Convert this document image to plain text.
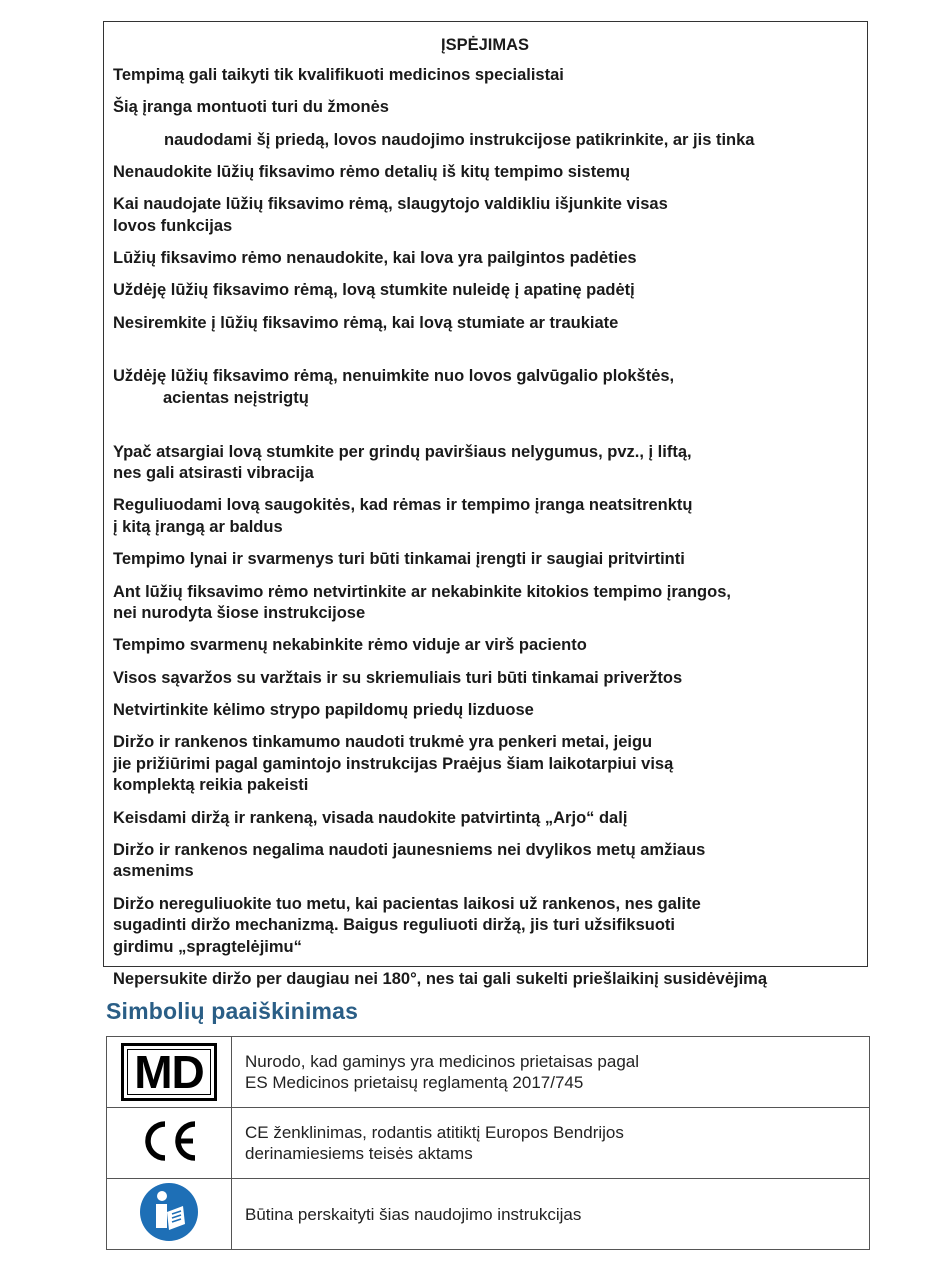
ĮSPĖJIMAS
Tempimą gali taikyti tik kvalifikuoti medicinos specialistai
Šią įranga montuoti turi du žmonės
naudodami šį priedą, lovos naudojimo instrukcijose patikrinkite, ar jis tinka
Nenaudokite lūžių fiksavimo rėmo detalių iš kitų tempimo sistemų
Kai naudojate lūžių fiksavimo rėmą, slaugytojo valdikliu išjunkite visas
lovos funkcijas
Lūžių fiksavimo rėmo nenaudokite, kai lova yra pailgintos padėties
Uždėję lūžių fiksavimo rėmą, lovą stumkite nuleidę į apatinę padėtį
Nesiremkite į lūžių fiksavimo rėmą, kai lovą stumiate ar traukiate

Uždėję lūžių fiksavimo rėmą, nenuimkite nuo lovos galvūgalio plokštės,

acientas neįstrigtų

Ypač atsargiai lovą stumkite per grindų paviršiaus nelygumus, pvz., į liftą,
nes gali atsirasti vibracija
Reguliuodami lovą saugokitės, kad rėmas ir tempimo įranga neatsitrenktų
į kitą įrangą ar baldus
Tempimo lynai ir svarmenys turi būti tinkamai įrengti ir saugiai pritvirtinti
Ant lūžių fiksavimo rėmo netvirtinkite ar nekabinkite kitokios tempimo įrangos,
nei nurodyta šiose instrukcijose
Tempimo svarmenų nekabinkite rėmo viduje ar virš paciento
Visos sąvaržos su varžtais ir su skriemuliais turi būti tinkamai priveržtos
Netvirtinkite kėlimo strypo papildomų priedų lizduose
Diržo ir rankenos tinkamumo naudoti trukmė yra penkeri metai, jeigu
jie prižiūrimi pagal gamintojo instrukcijas Praėjus šiam laikotarpiui visą
komplektą reikia pakeisti
Keisdami diržą ir rankeną, visada naudokite patvirtintą „Arjo“ dalį
Diržo ir rankenos negalima naudoti jaunesniems nei dvylikos metų amžiaus
asmenims
Diržo nereguliuokite tuo metu, kai pacientas laikosi už rankenos, nes galite
sugadinti diržo mechanizmą. Baigus reguliuoti diržą, jis turi užsifiksuoti
girdimu „spragtelėjimu“
Nepersukite diržo per daugiau nei 180°, nes tai gali sukelti priešlaikinį susidėvėjimą
Simbolių paaiškinimas
MD	Nurodo, kad gaminys yra medicinos prietaisas pagal
ES Medicinos prietaisų reglamentą 2017/745

CE ženklinimas, rodantis atitiktį Europos Bendrijos
derinamiesiems teisės aktams

Būtina perskaityti šias naudojimo instrukcijas
